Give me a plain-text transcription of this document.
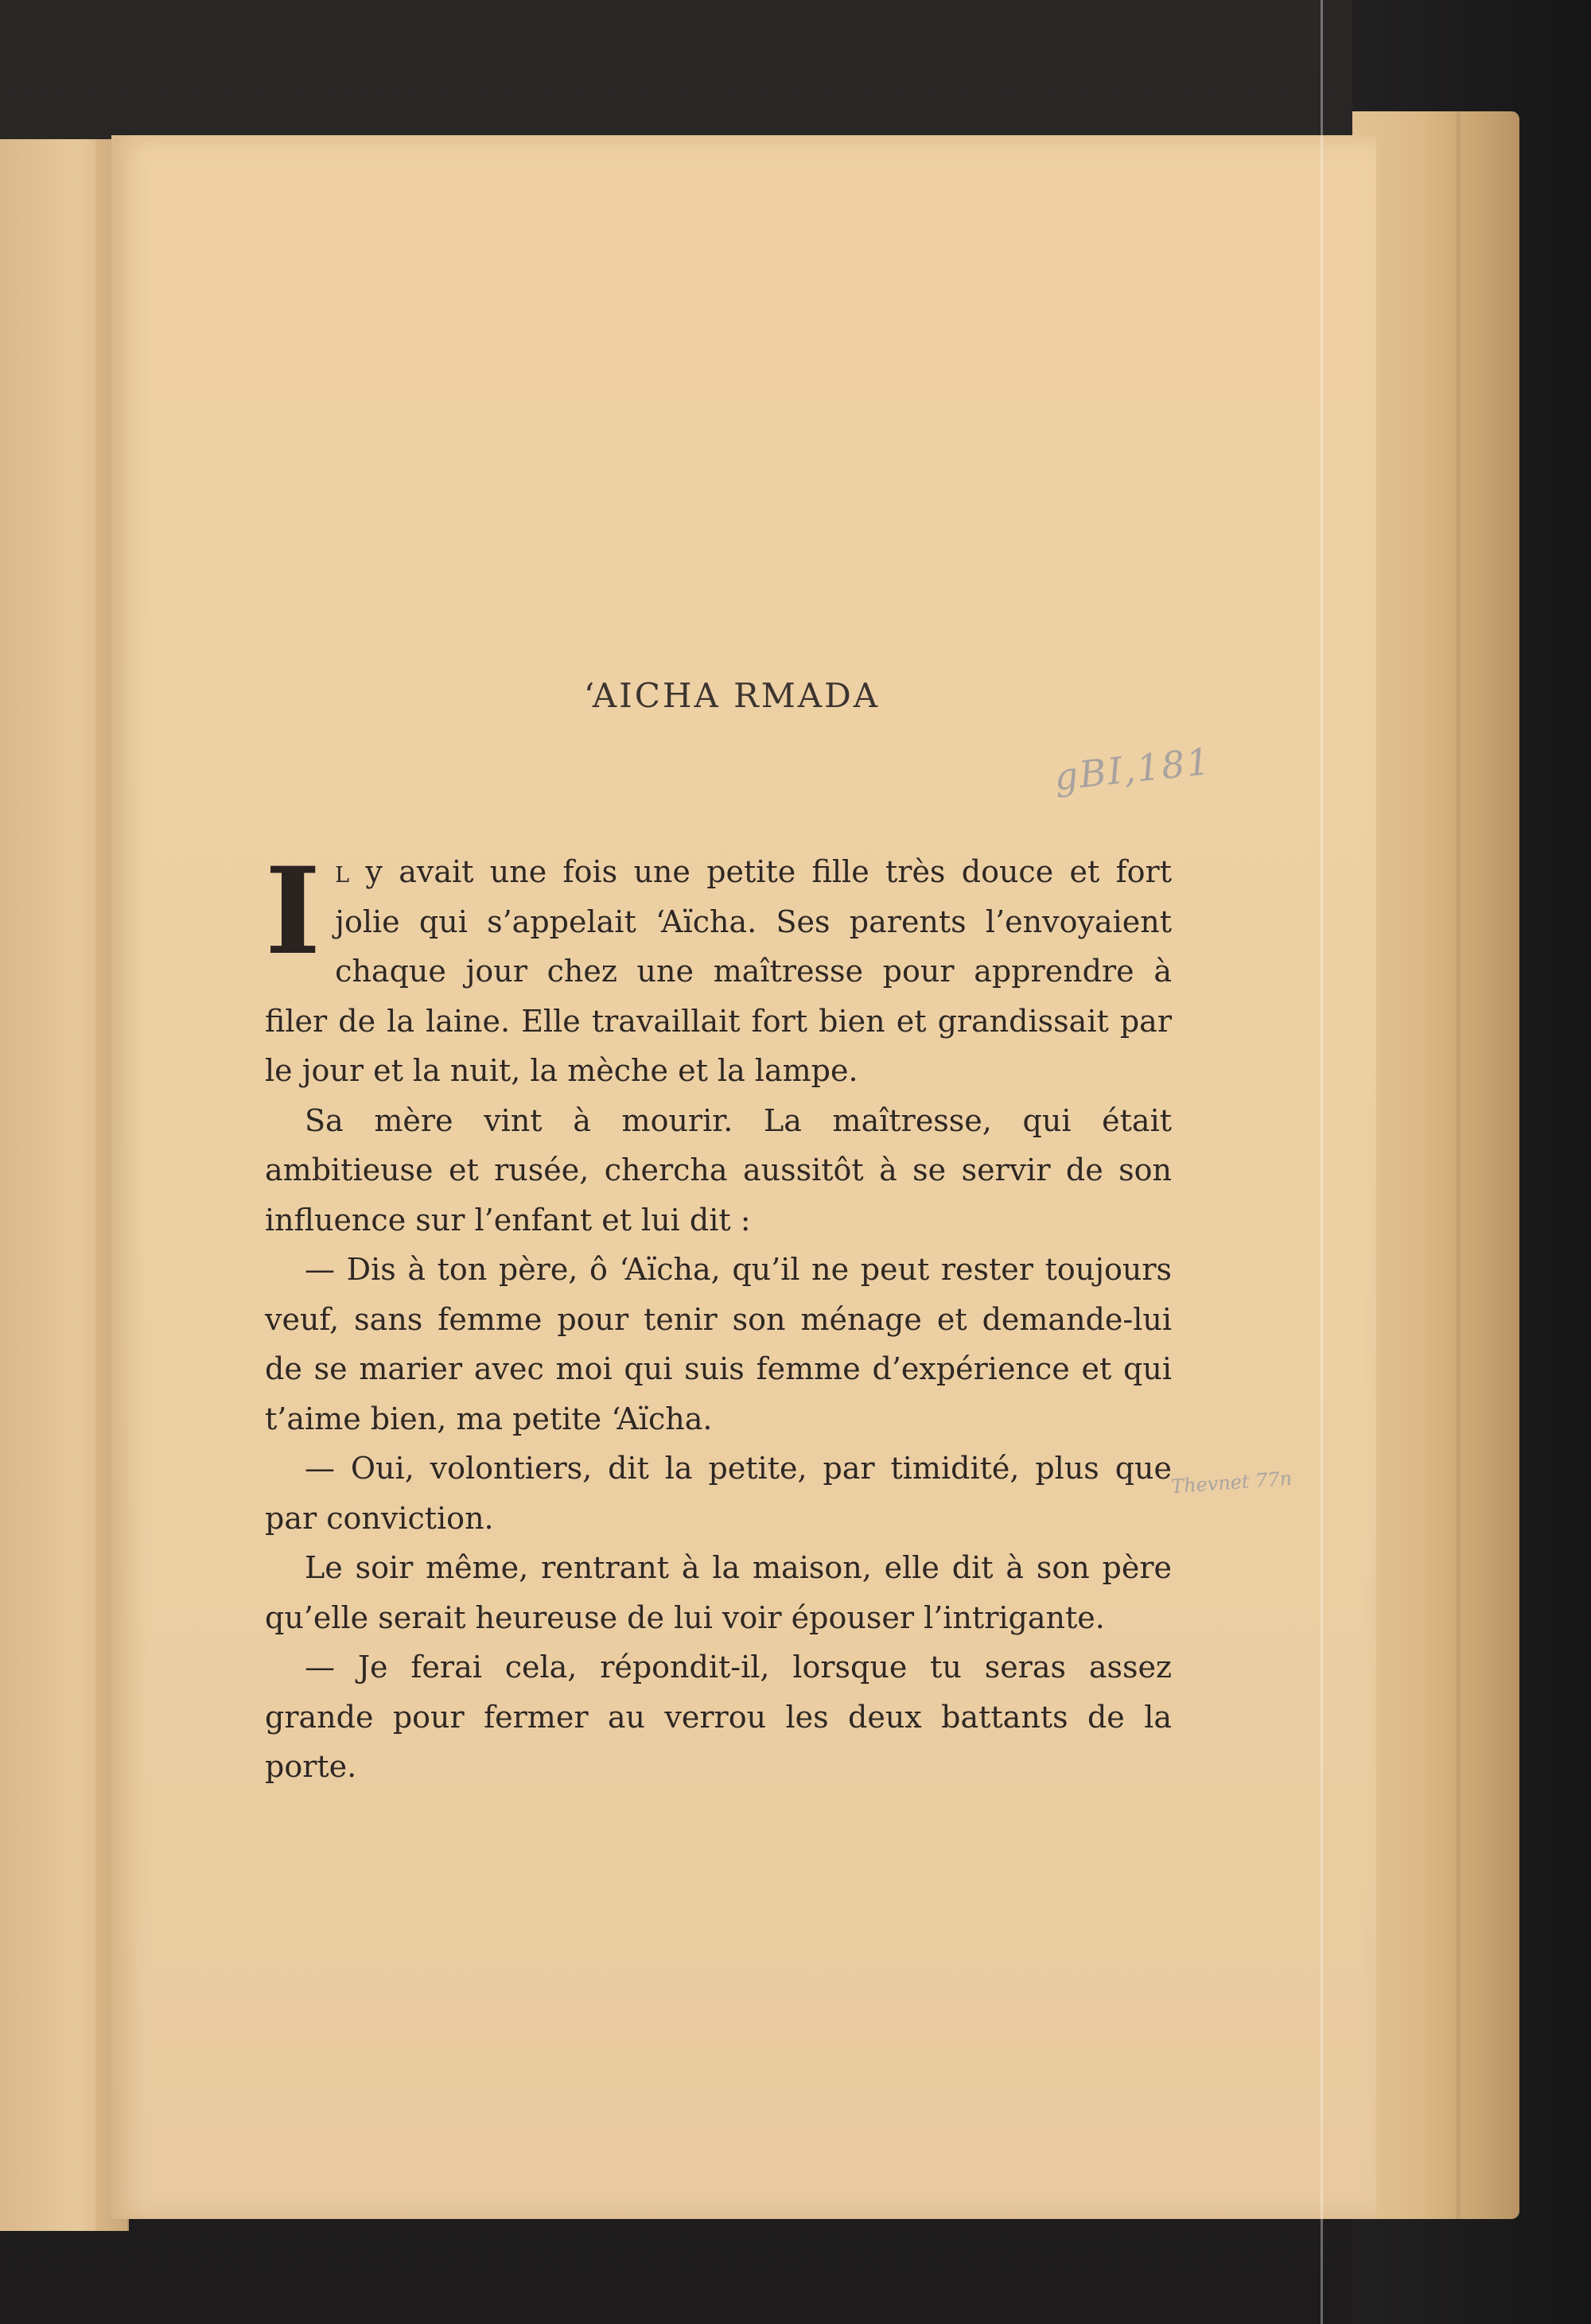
‘AICHA RMADA
gBI,181
Thevnet 77n

Il y avait une fois une petite fille très douce et fort jolie qui s’appelait ‘Aïcha. Ses parents l’envoyaient chaque jour chez une maîtresse pour apprendre à filer de la laine. Elle travaillait fort bien et grandissait par le jour et la nuit, la mèche et la lampe.

Sa mère vint à mourir. La maîtresse, qui était ambitieuse et rusée, chercha aussitôt à se servir de son influence sur l’enfant et lui dit :

— Dis à ton père, ô ‘Aïcha, qu’il ne peut rester toujours veuf, sans femme pour tenir son ménage et demande-lui de se marier avec moi qui suis femme d’expérience et qui t’aime bien, ma petite ‘Aïcha.

— Oui, volontiers, dit la petite, par timidité, plus que par conviction.

Le soir même, rentrant à la maison, elle dit à son père qu’elle serait heureuse de lui voir épouser l’intrigante.

— Je ferai cela, répondit-il, lorsque tu seras assez grande pour fermer au verrou les deux battants de la porte.
